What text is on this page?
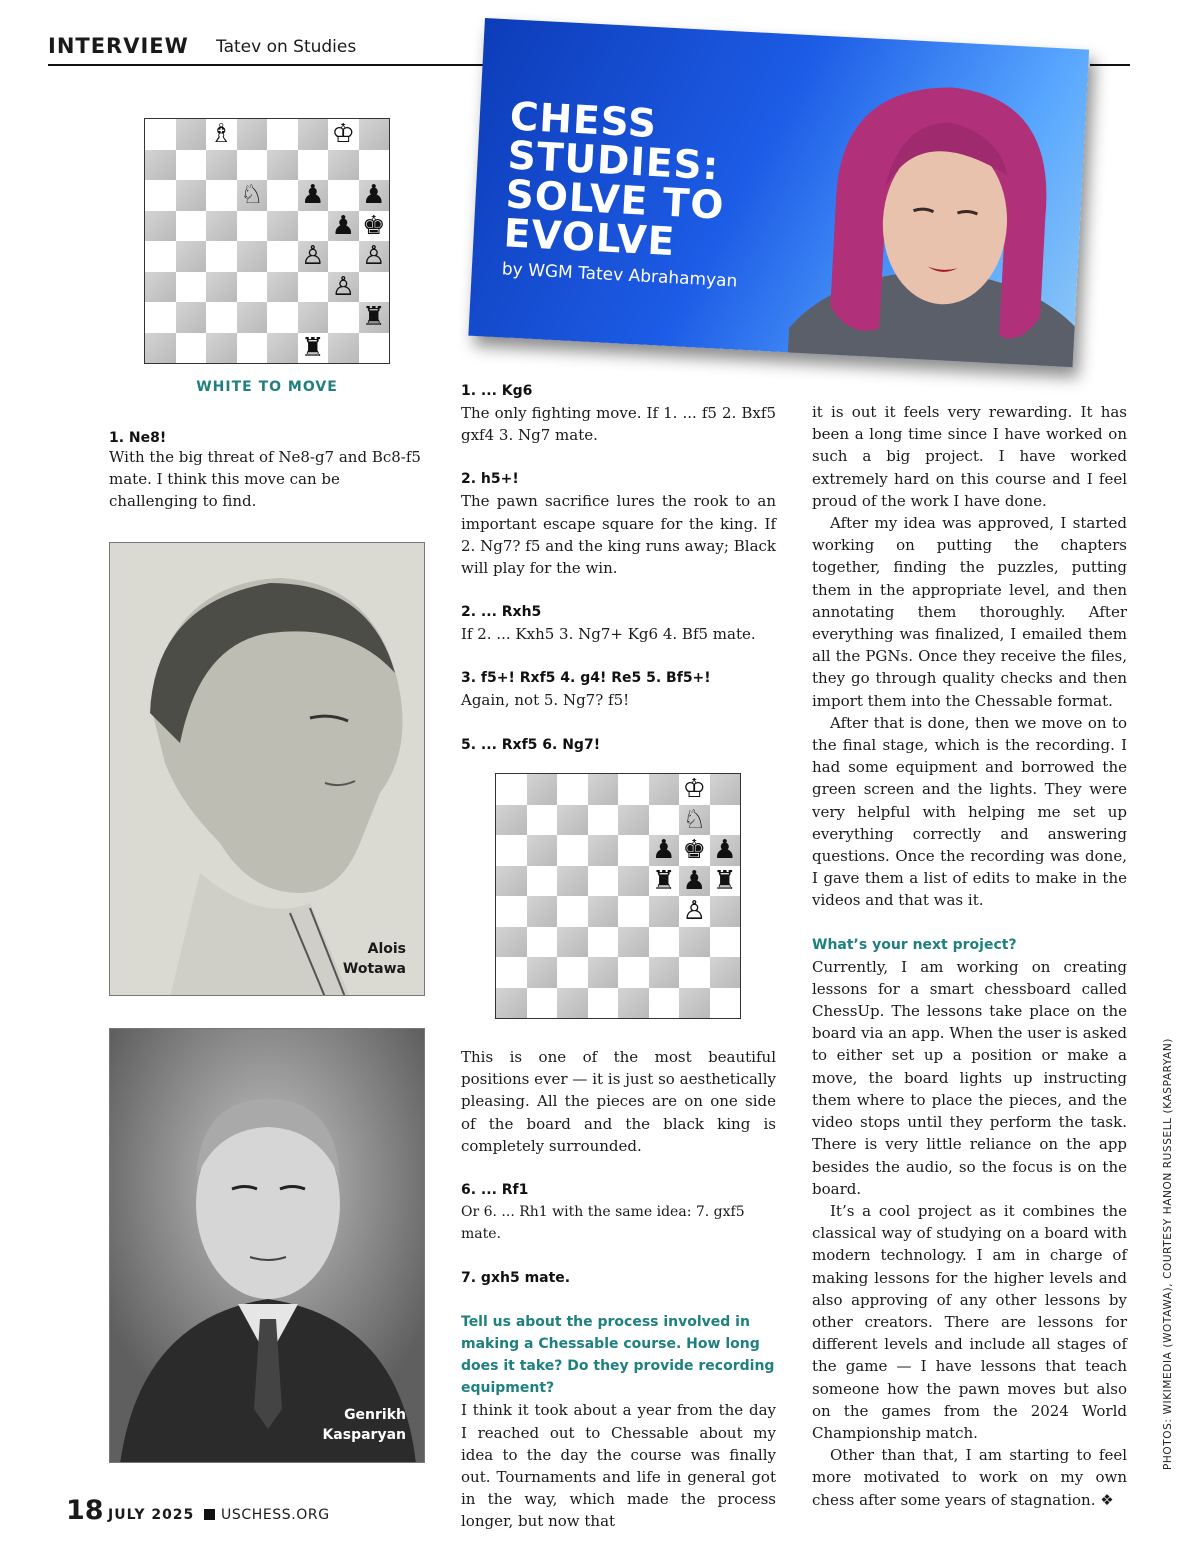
INTERVIEW Tatev on Studies
CHESS
STUDIES:
SOLVE TO
EVOLVE
by WGM Tatev Abrahamyan
♗	♔
♘ ♟ ♟
♟ ♚
♙ ♙
♙
♜
♜
WHITE TO MOVE
1. Ne8!
With the big threat of Ne8-g7 and Bc8-f5 mate. I think this move can be challenging to find.
Alois
Wotawa
Genrikh
Kasparyan
1. ... Kg6
The only fighting move. If 1. ... f5 2. Bxf5 gxf4 3. Ng7 mate.
2. h5+!
The pawn sacrifice lures the rook to an important escape square for the king. If 2. Ng7? f5 and the king runs away; Black will play for the win.
2. ... Rxh5
If 2. ... Kxh5 3. Ng7+ Kg6 4. Bf5 mate.
3. f5+! Rxf5 4. g4! Re5 5. Bf5+!
Again, not 5. Ng7? f5!
5. ... Rxf5 6. Ng7!
♔
♘
♟ ♚ ♟
♜ ♟ ♜
♙
This is one of the most beautiful positions ever — it is just so aesthetically pleasing. All the pieces are on one side of the board and the black king is completely surrounded.
6. ... Rf1
Or 6. ... Rh1 with the same idea: 7. gxf5 mate.
7. gxh5 mate.
Tell us about the process involved in making a Chessable course. How long does it take? Do they provide recording equipment?
I think it took about a year from the day I reached out to Chessable about my idea to the day the course was finally out. Tournaments and life in general got in the way, which made the process longer, but now that
it is out it feels very rewarding. It has been a long time since I have worked on such a big project. I have worked extremely hard on this course and I feel proud of the work I have done.
After my idea was approved, I started working on putting the chapters together, finding the puzzles, putting them in the appropriate level, and then annotating them thoroughly. After everything was finalized, I emailed them all the PGNs. Once they receive the files, they go through quality checks and then import them into the Chessable format.
After that is done, then we move on to the final stage, which is the recording. I had some equipment and borrowed the green screen and the lights. They were very helpful with helping me set up everything correctly and answering questions. Once the recording was done, I gave them a list of edits to make in the videos and that was it.
What’s your next project?
Currently, I am working on creating lessons for a smart chessboard called ChessUp. The lessons take place on the board via an app. When the user is asked to either set up a position or make a move, the board lights up instructing them where to place the pieces, and the video stops until they perform the task. There is very little reliance on the app besides the audio, so the focus is on the board.
It’s a cool project as it combines the classical way of studying on a board with modern technology. I am in charge of making lessons for the higher levels and also approving of any other lessons by other creators. There are lessons for different levels and include all stages of the game — I have lessons that teach someone how the pawn moves but also on the games from the 2024 World Championship match.
Other than that, I am starting to feel more motivated to work on my own chess after some years of stagnation. ❖
PHOTOS: WIKIMEDIA (WOTAWA), COURTESY HANON RUSSELL (KASPARYAN)
18 JULY 2025 USCHESS.ORG
